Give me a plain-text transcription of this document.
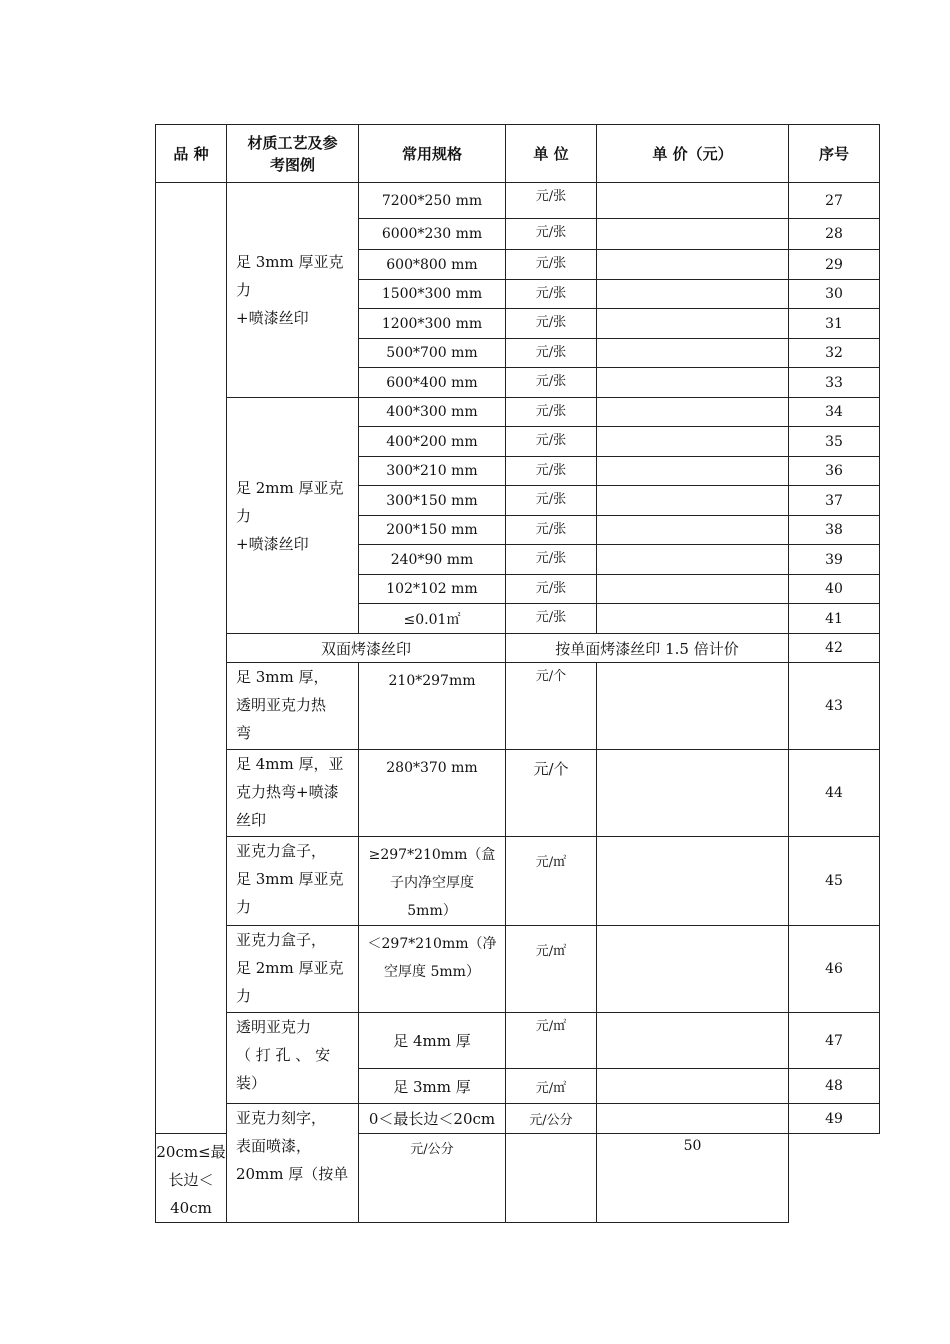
品 种	材质工艺及参考图例	常用规格	单 位	单 价（元）	序号
	足 3mm 厚亚克力
+喷漆丝印	7200*250 mm	元/张		27
		6000*230 mm	元/张		28
		600*800 mm	元/张		29
		1500*300 mm	元/张		30
		1200*300 mm	元/张		31
		500*700 mm	元/张		32
		600*400 mm	元/张		33
	足 2mm 厚亚克力
+喷漆丝印	400*300 mm	元/张		34
		400*200 mm	元/张		35
		300*210 mm	元/张		36
		300*150 mm	元/张		37
		200*150 mm	元/张		38
		240*90 mm	元/张		39
		102*102 mm	元/张		40
		≤0.01㎡	元/张		41
	双面烤漆丝印		按单面烤漆丝印 1.5 倍计价		42
	足 3mm 厚，
透明亚克力热
弯	210*297mm	元/个		43
	足 4mm 厚，亚
克力热弯+喷漆
丝印	280*370 mm	元/个		44
	亚克力盒子，
足 3mm 厚亚克
力	≥297*210mm（盒
子内净空厚度
5mm）	元/㎡		45
	亚克力盒子，
足 2mm 厚亚克
力	＜297*210mm（净
空厚度 5mm）	元/㎡		46
	透明亚克力
（ 打 孔 、 安
装）	足 4mm 厚	元/㎡		47
		足 3mm 厚	元/㎡		48
	亚克力刻字，
表面喷漆，
20mm 厚（按单	0＜最长边＜20cm	元/公分		49
20cm≤最长边＜
40cm		元/公分		50	
